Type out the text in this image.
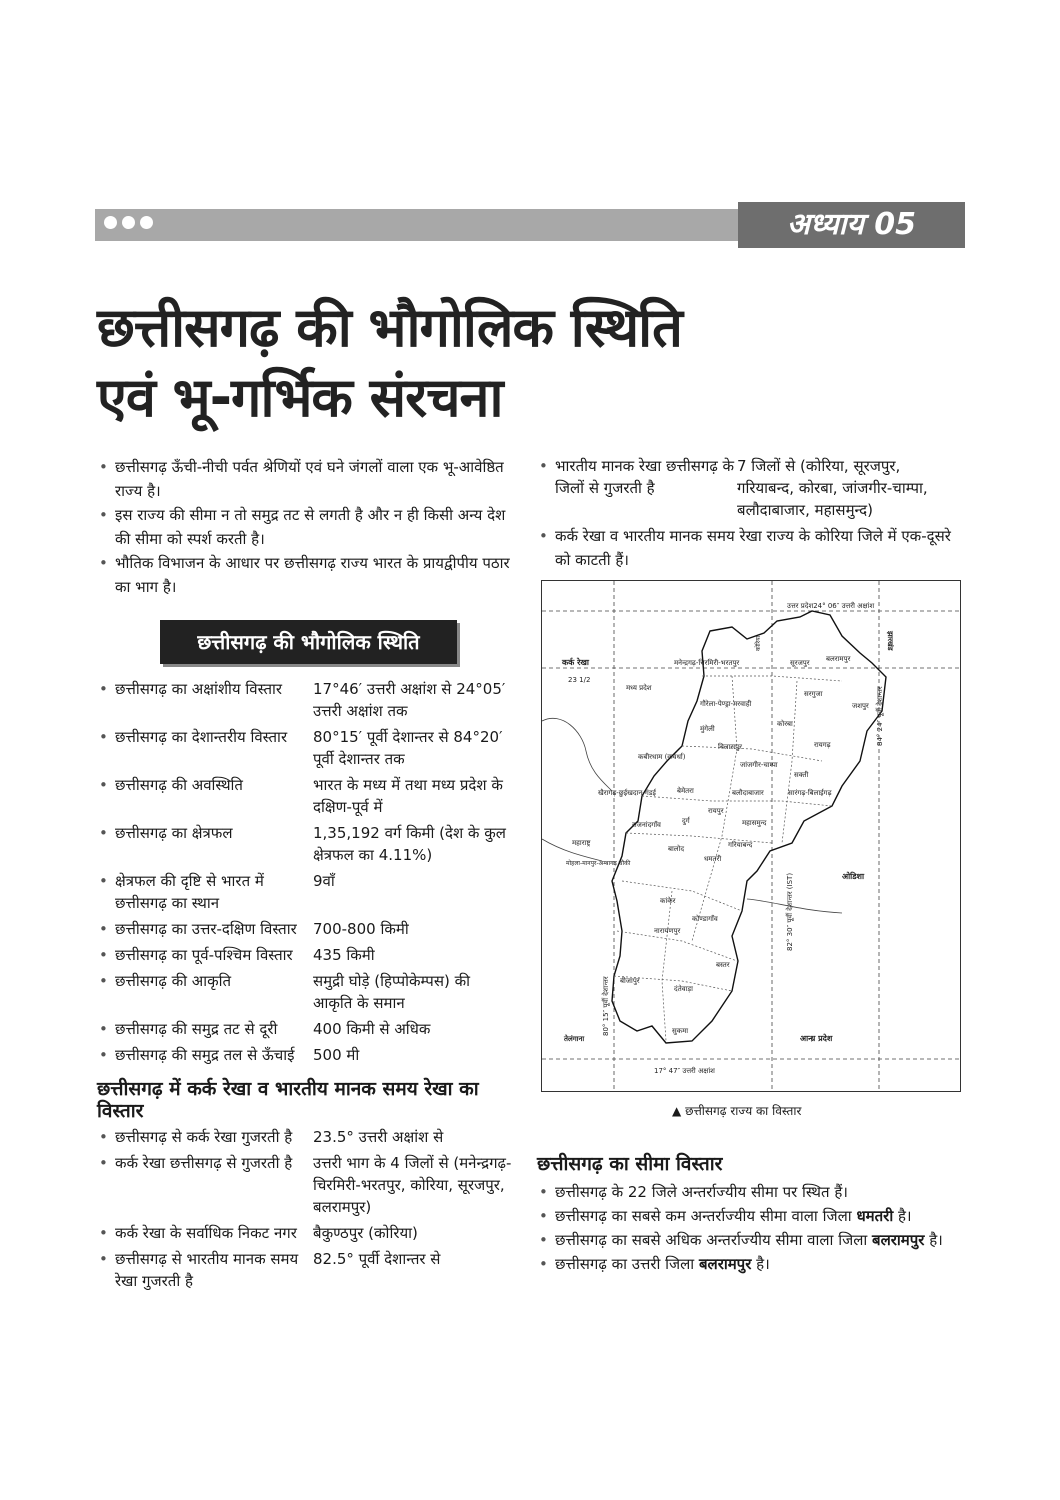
अध्याय 05
छत्तीसगढ़ की भौगोलिक स्थिति
एवं भू-गर्भिक संरचना
• छत्तीसगढ़ ऊँची-नीची पर्वत श्रेणियों एवं घने जंगलों वाला एक भू-आवेष्ठित राज्य है।
• इस राज्य की सीमा न तो समुद्र तट से लगती है और न ही किसी अन्य देश की सीमा को स्पर्श करती है।
• भौतिक विभाजन के आधार पर छत्तीसगढ़ राज्य भारत के प्रायद्वीपीय पठार का भाग है।
छत्तीसगढ़ की भौगोलिक स्थिति
• छत्तीसगढ़ का अक्षांशीय विस्तार	17°46′ उत्तरी अक्षांश से 24°05′ उत्तरी अक्षांश तक
• छत्तीसगढ़ का देशान्तरीय विस्तार	80°15′ पूर्वी देशान्तर से 84°20′ पूर्वी देशान्तर तक
• छत्तीसगढ़ की अवस्थिति	भारत के मध्य में तथा मध्य प्रदेश के दक्षिण-पूर्व में
• छत्तीसगढ़ का क्षेत्रफल	1,35,192 वर्ग किमी (देश के कुल क्षेत्रफल का 4.11%)
• क्षेत्रफल की दृष्टि से भारत में छत्तीसगढ़ का स्थान	9वाँ
• छत्तीसगढ़ का उत्तर-दक्षिण विस्तार	700-800 किमी
• छत्तीसगढ़ का पूर्व-पश्चिम विस्तार	435 किमी
• छत्तीसगढ़ की आकृति	समुद्री घोड़े (हिप्पोकेम्पस) की आकृति के समान
• छत्तीसगढ़ की समुद्र तट से दूरी	400 किमी से अधिक
• छत्तीसगढ़ की समुद्र तल से ऊँचाई	500 मी
छत्तीसगढ़ में कर्क रेखा व भारतीय मानक समय रेखा का विस्तार
• छत्तीसगढ़ से कर्क रेखा गुजरती है	23.5° उत्तरी अक्षांश से
• कर्क रेखा छत्तीसगढ़ से गुजरती है	उत्तरी भाग के 4 जिलों से (मनेन्द्रगढ़-चिरमिरी-भरतपुर, कोरिया, सूरजपुर, बलरामपुर)
• कर्क रेखा के सर्वाधिक निकट नगर	बैकुण्ठपुर (कोरिया)
• छत्तीसगढ़ से भारतीय मानक समय रेखा गुजरती है	82.5° पूर्वी देशान्तर से
• भारतीय मानक रेखा छत्तीसगढ़ के जिलों से गुजरती है	7 जिलों से (कोरिया, सूरजपुर, गरियाबन्द, कोरबा, जांजगीर-चाम्पा, बलौदाबाजार, महासमुन्द)
• कर्क रेखा व भारतीय मानक समय रेखा राज्य के कोरिया जिले में एक-दूसरे को काटती हैं।
उत्तर प्रदेश24° 06″ उत्तरी अक्षांश
17° 47″ उत्तरी अक्षांश
कर्क रेखा
23 1/2
मध्य प्रदेश
झारखंड
ओडिशा
महाराष्ट्र
तेलंगाना	आन्ध्र प्रदेश
84° 24″ पूर्वी देशान्तर
80° 15″ पूर्वी देशान्तर
82° 30″ पूर्वी देशान्तर (IST)
मनेन्द्रगढ़-चिरमिरी-भरतपुर
कोरिया
सूरजपुर बलरामपुर
सरगुजा
जशपुर
गौरेला-पेण्ड्रा-मरवाही
कोरबा
रायगढ़
मुंगेली
बिलासपुर
कबीरधाम (कवर्धा)
जांजगीर-चाम्पा
सक्ती
खैरागढ़-छुईखदान-गंडई	बेमेतरा	बलौदाबाजार	सारंगढ़-बिलाईगढ़
राजनांदगाँव	दुर्ग
रायपुर
महासमुन्द
बालोद	गरियाबन्द
मोहला-मानपुर-अम्बागढ़ चौकी
धमतरी
कांकेर
कोण्डागाँव
नारायणपुर
बस्तर
बीजापुर
दंतेवाड़ा
सुकमा
▲ छत्तीसगढ़ राज्य का विस्तार
छत्तीसगढ़ का सीमा विस्तार
• छत्तीसगढ़ के 22 जिले अन्तर्राज्यीय सीमा पर स्थित हैं।
• छत्तीसगढ़ का सबसे कम अन्तर्राज्यीय सीमा वाला जिला धमतरी है।
• छत्तीसगढ़ का सबसे अधिक अन्तर्राज्यीय सीमा वाला जिला बलरामपुर है।
• छत्तीसगढ़ का उत्तरी जिला बलरामपुर है।
